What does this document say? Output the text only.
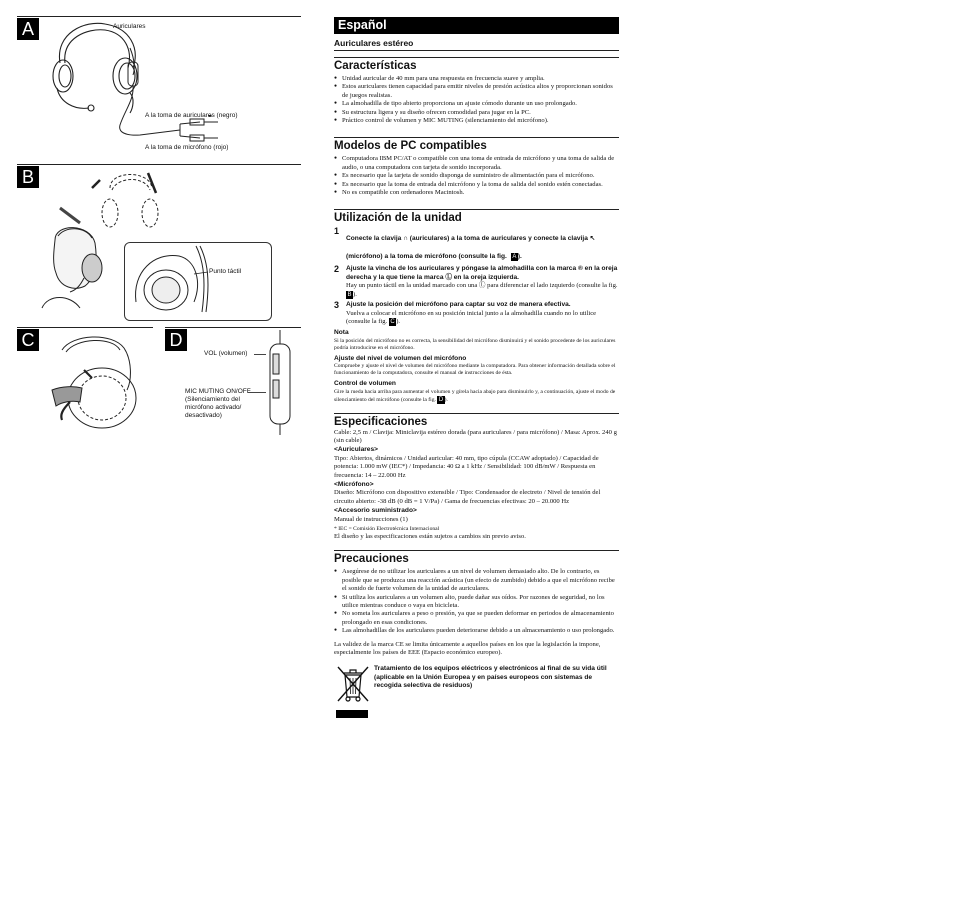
A	Auriculares
A la toma de auriculares (negro)
A la toma de micrófono (rojo)
B
Punto táctil
C	D
VOL (volumen)
MIC MUTING ON/OFF (Silenciamiento del micrófono activado/ desactivado)
Español
Auriculares estéreo
Características
● Unidad auricular de 40 mm para una respuesta en frecuencia suave y amplia.
● Estos auriculares tienen capacidad para emitir niveles de presión acústica altos y proporcionan sonidos de juegos realistas.
● La almohadilla de tipo abierto proporciona un ajuste cómodo durante un uso prolongado.
● Su estructura ligera y su diseño ofrecen comodidad para jugar en la PC.
● Práctico control de volumen y MIC MUTING (silenciamiento del micrófono).
Modelos de PC compatibles
● Computadora IBM PC/AT o compatible con una toma de entrada de micrófono y una toma de salida de audio, o una computadora con tarjeta de sonido incorporada.
● Es necesario que la tarjeta de sonido disponga de suministro de alimentación para el micrófono.
● Es necesario que la toma de entrada del micrófono y la toma de salida del sonido estén conectadas.
● No es compatible con ordenadores Macintosh.
Utilización de la unidad
1
Conecte la clavija ∩ (auriculares) a la toma de auriculares y conecte la clavija ↖ (micrófono) a la toma de micrófono (consulte la fig. A ).
2 Ajuste la vincha de los auriculares y póngase la almohadilla con la marca ® en la oreja derecha y la que tiene la marca Ⓛ en la oreja izquierda.
Hay un punto táctil en la unidad marcado con una Ⓛ para diferenciar el lado izquierdo (consulte la fig. B ).
3 Ajuste la posición del micrófono para captar su voz de manera efectiva.
Vuelva a colocar el micrófono en su posición inicial junto a la almohadilla cuando no lo utilice (consulte la fig. C ).
Nota
Si la posición del micrófono no es correcta, la sensibilidad del micrófono disminuirá y el sonido procedente de los auriculares podría introducirse en el micrófono.
Ajuste del nivel de volumen del micrófono
Compruebe y ajuste el nivel de volumen del micrófono mediante la computadora. Para obtener información detallada sobre el funcionamiento de la computadora, consulte el manual de instrucciones de ésta.
Control de volumen
Gire la rueda hacia arriba para aumentar el volumen y gírela hacia abajo para disminuirlo y, a continuación, ajuste el modo de silenciamiento del micrófono (consulte la fig. D ).
Especificaciones
Cable: 2,5 m / Clavija: Miniclavija estéreo dorada (para auriculares / para micrófono) / Masa: Aprox. 240 g (sin cable)
<Auriculares>
Tipo: Abiertos, dinámicos / Unidad auricular: 40 mm, tipo cúpula (CCAW adoptado) / Capacidad de potencia: 1.000 mW (IEC*) / Impedancia: 40 Ω a 1 kHz / Sensibilidad: 100 dB/mW / Respuesta en frecuencia: 14 – 22.000 Hz
<Micrófono>
Diseño: Micrófono con dispositivo extensible / Tipo: Condensador de electreto / Nivel de tensión del circuito abierto: -38 dB (0 dB = 1 V/Pa) / Gama de frecuencias efectivas: 20 – 20.000 Hz
<Accesorio suministrado>
Manual de instrucciones (1)
* IEC = Comisión Electrotécnica Internacional
El diseño y las especificaciones están sujetos a cambios sin previo aviso.
Precauciones
● Asegúrese de no utilizar los auriculares a un nivel de volumen demasiado alto. De lo contrario, es posible que se produzca una reacción acústica (un efecto de zumbido) debido a que el micrófono recibe el sonido de fuerte volumen de la unidad de auriculares.
● Si utiliza los auriculares a un volumen alto, puede dañar sus oídos. Por razones de seguridad, no los utilice mientras conduce o vaya en bicicleta.
● No someta los auriculares a peso o presión, ya que se pueden deformar en periodos de almacenamiento prolongado en esas condiciones.
● Las almohadillas de los auriculares pueden deteriorarse debido a un almacenamiento o uso prolongado.
La validez de la marca CE se limita únicamente a aquellos países en los que la legislación la impone, especialmente los países de EEE (Espacio económico europeo).
Tratamiento de los equipos eléctricos y electrónicos al final de su vida útil (aplicable en la Unión Europea y en países europeos con sistemas de recogida selectiva de residuos)
